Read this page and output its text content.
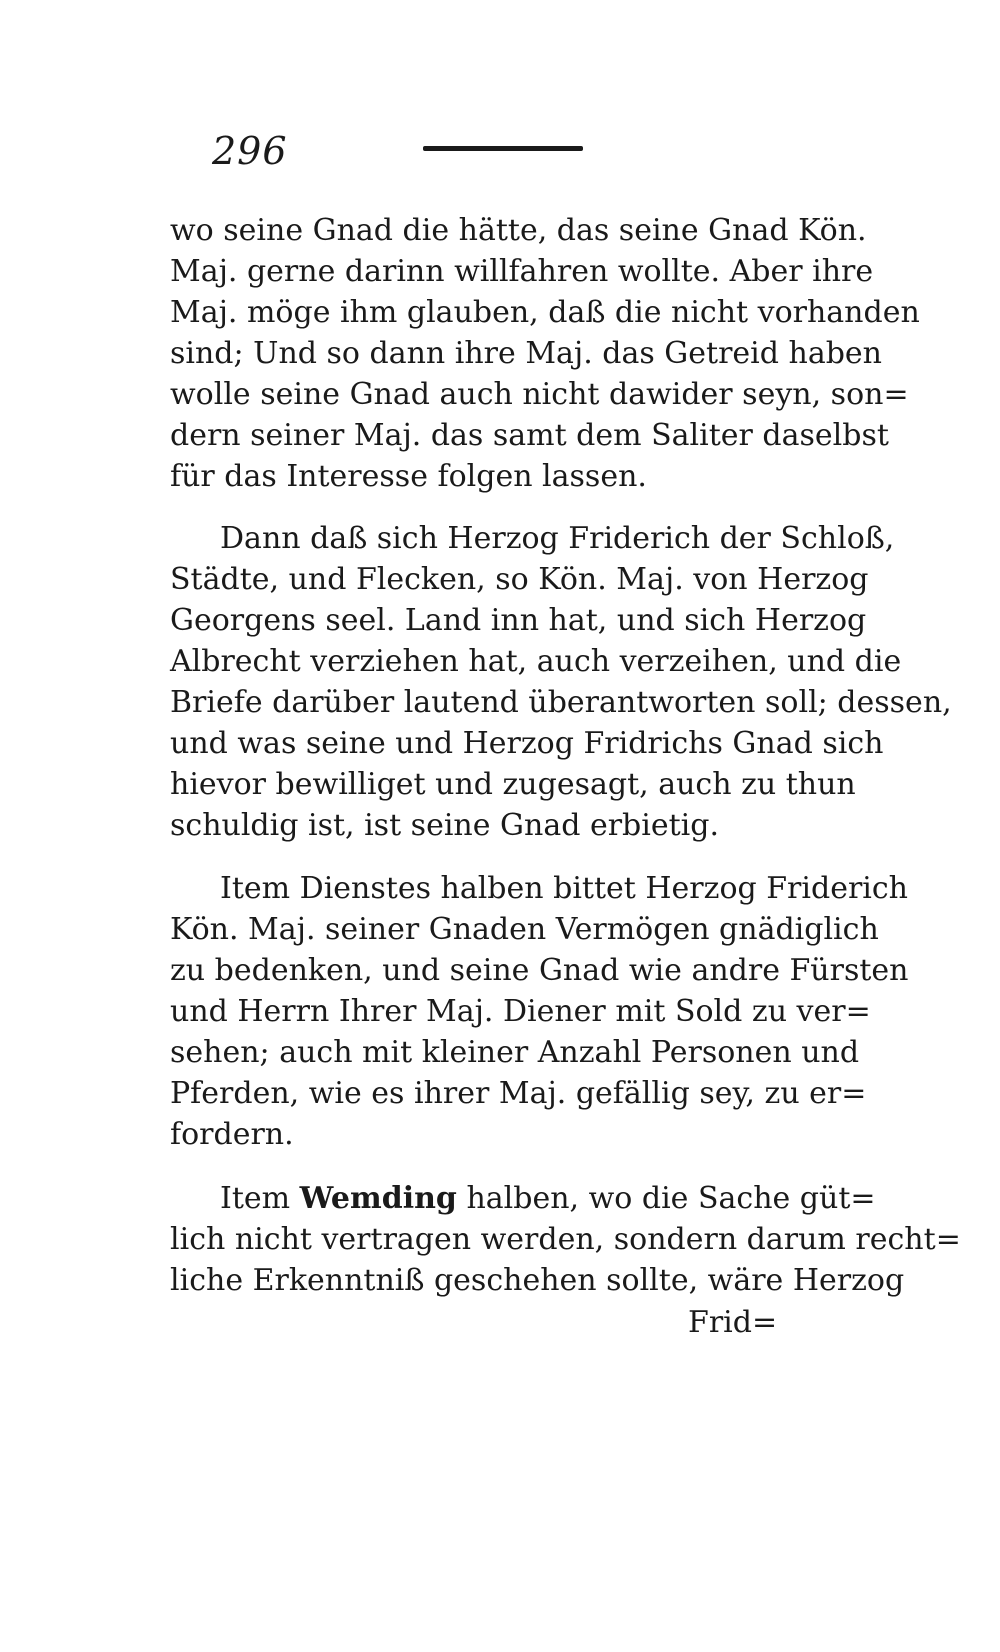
296
wo seine Gnad die hätte, das seine Gnad Kön.
Maj. gerne darinn willfahren wollte. Aber ihre
Maj. möge ihm glauben, daß die nicht vorhanden
sind; Und so dann ihre Maj. das Getreid haben
wolle seine Gnad auch nicht dawider seyn, son=
dern seiner Maj. das samt dem Saliter daselbst
für das Interesse folgen lassen.
Dann daß sich Herzog Friderich der Schloß,
Städte, und Flecken, so Kön. Maj. von Herzog
Georgens seel. Land inn hat, und sich Herzog
Albrecht verziehen hat, auch verzeihen, und die
Briefe darüber lautend überantworten soll; dessen,
und was seine und Herzog Fridrichs Gnad sich
hievor bewilliget und zugesagt, auch zu thun
schuldig ist, ist seine Gnad erbietig.
Item Dienstes halben bittet Herzog Friderich
Kön. Maj. seiner Gnaden Vermögen gnädiglich
zu bedenken, und seine Gnad wie andre Fürsten
und Herrn Ihrer Maj. Diener mit Sold zu ver=
sehen; auch mit kleiner Anzahl Personen und
Pferden, wie es ihrer Maj. gefällig sey, zu er=
fordern.
Item Wemding halben, wo die Sache güt=
lich nicht vertragen werden, sondern darum recht=
liche Erkenntniß geschehen sollte, wäre Herzog
Frid=
